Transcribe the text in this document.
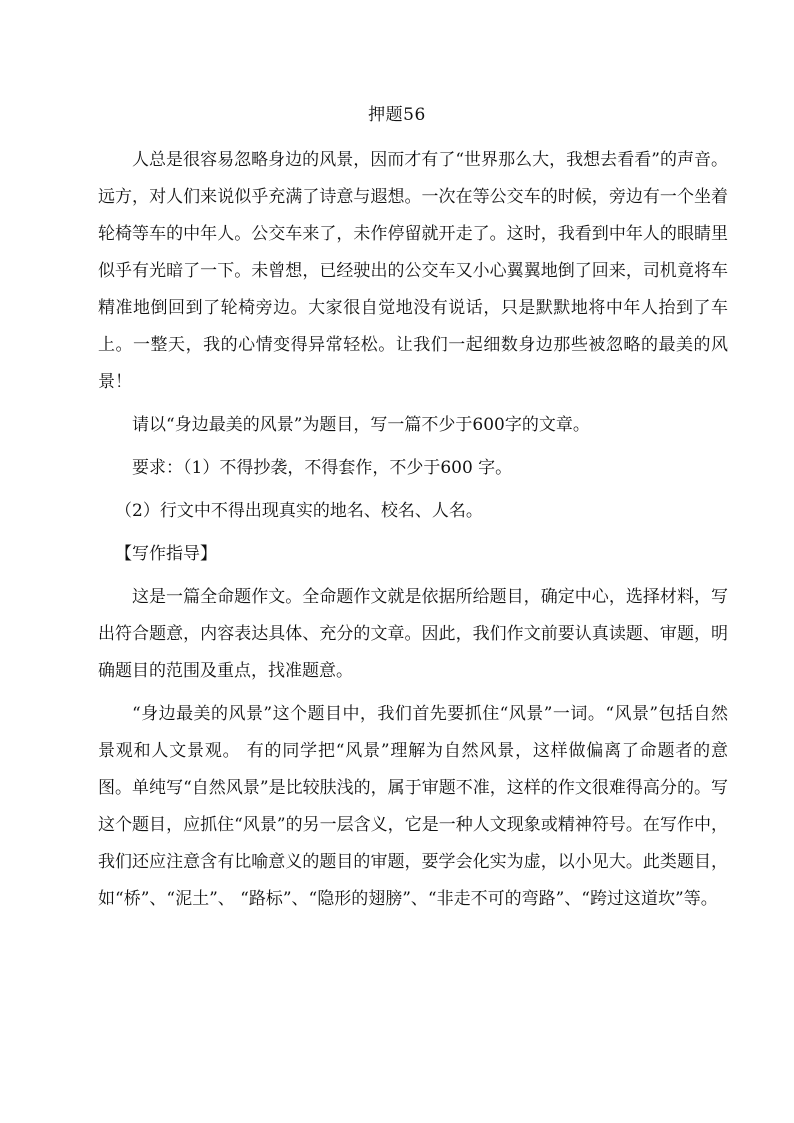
押题56

人总是很容易忽略身边的风景，因而才有了“世界那么大，我想去看看”的声音。远方，对人们来说似乎充满了诗意与遐想。一次在等公交车的时候，旁边有一个坐着轮椅等车的中年人。公交车来了，未作停留就开走了。这时，我看到中年人的眼睛里似乎有光暗了一下。未曾想，已经驶出的公交车又小心翼翼地倒了回来，司机竟将车精准地倒回到了轮椅旁边。大家很自觉地没有说话，只是默默地将中年人抬到了车上。一整天，我的心情变得异常轻松。让我们一起细数身边那些被忽略的最美的风景！

请以“身边最美的风景”为题目，写一篇不少于600字的文章。

要求：（1）不得抄袭，不得套作，不少于600 字。

（2）行文中不得出现真实的地名、校名、人名。

【写作指导】

这是一篇全命题作文。全命题作文就是依据所给题目，确定中心，选择材料，写出符合题意，内容表达具体、充分的文章。因此，我们作文前要认真读题、审题，明确题目的范围及重点，找准题意。

“身边最美的风景”这个题目中，我们首先要抓住“风景”一词。“风景”包括自然景观和人文景观。 有的同学把“风景”理解为自然风景，这样做偏离了命题者的意图。单纯写“自然风景”是比较肤浅的，属于审题不准，这样的作文很难得高分的。写这个题目，应抓住“风景”的另一层含义，它是一种人文现象或精神符号。在写作中，我们还应注意含有比喻意义的题目的审题，要学会化实为虚，以小见大。此类题目，如“桥”、“泥土”、 “路标”、“隐形的翅膀”、“非走不可的弯路”、“跨过这道坎”等。
